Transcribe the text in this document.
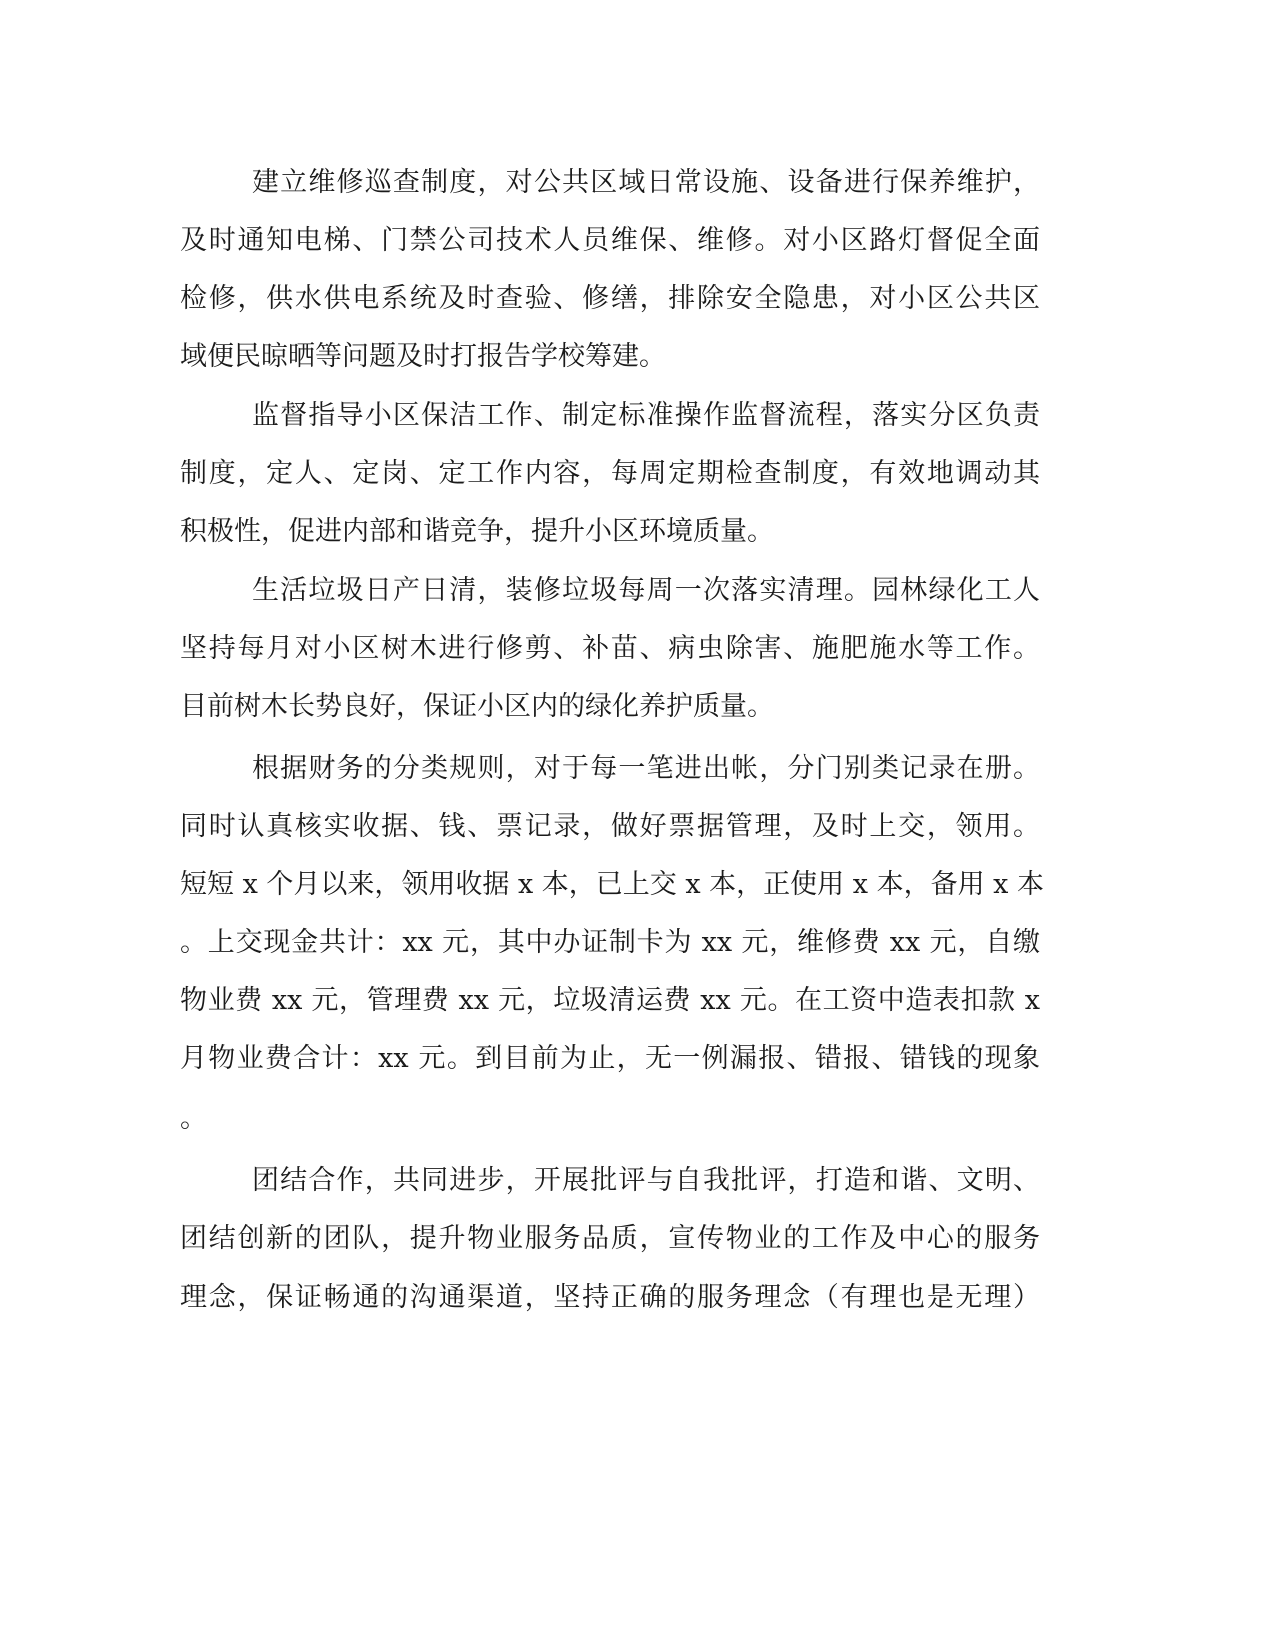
建立维修巡查制度，对公共区域日常设施、设备进行保养维护，
及时通知电梯、门禁公司技术人员维保、维修。对小区路灯督促全面
检修，供水供电系统及时查验、修缮，排除安全隐患，对小区公共区
域便民晾晒等问题及时打报告学校筹建。
监督指导小区保洁工作、制定标准操作监督流程，落实分区负责
制度，定人、定岗、定工作内容，每周定期检查制度，有效地调动其
积极性，促进内部和谐竞争，提升小区环境质量。
生活垃圾日产日清，装修垃圾每周一次落实清理。园林绿化工人
坚持每月对小区树木进行修剪、补苗、病虫除害、施肥施水等工作。
目前树木长势良好，保证小区内的绿化养护质量。
根据财务的分类规则，对于每一笔进出帐，分门别类记录在册。
同时认真核实收据、钱、票记录，做好票据管理，及时上交，领用。
短短 x 个月以来，领用收据 x 本，已上交 x 本，正使用 x 本，备用 x 本
。上交现金共计：xx 元，其中办证制卡为 xx 元，维修费 xx 元，自缴
物业费 xx 元，管理费 xx 元，垃圾清运费 xx 元。在工资中造表扣款 x
月物业费合计：xx 元。到目前为止，无一例漏报、错报、错钱的现象
。
团结合作，共同进步，开展批评与自我批评，打造和谐、文明、
团结创新的团队，提升物业服务品质，宣传物业的工作及中心的服务
理念，保证畅通的沟通渠道，坚持正确的服务理念（有理也是无理）
